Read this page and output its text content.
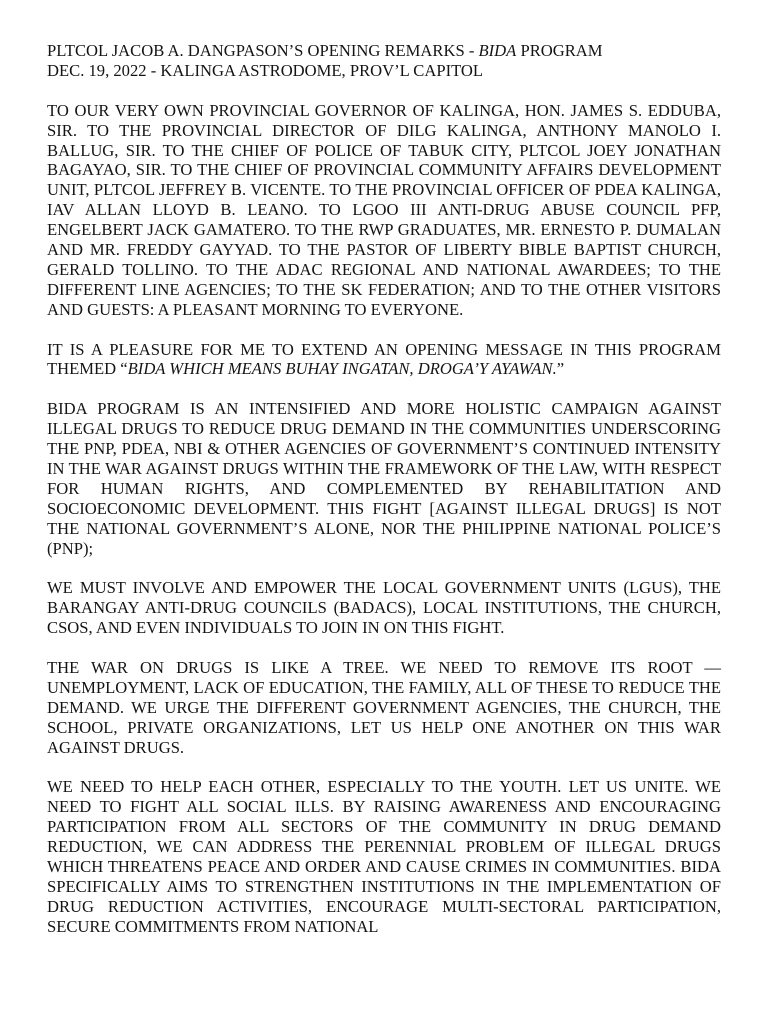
PLTCOL JACOB A. DANGPASON’S OPENING REMARKS - BIDA PROGRAM

DEC. 19, 2022 - KALINGA ASTRODOME, PROV’L CAPITOL

TO OUR VERY OWN PROVINCIAL GOVERNOR OF KALINGA, HON. JAMES S. EDDUBA, SIR. TO THE PROVINCIAL DIRECTOR OF DILG KALINGA, ANTHONY MANOLO I. BALLUG, SIR. TO THE CHIEF OF POLICE OF TABUK CITY, PLTCOL JOEY JONATHAN BAGAYAO, SIR. TO THE CHIEF OF PROVINCIAL COMMUNITY AFFAIRS DEVELOPMENT UNIT, PLTCOL JEFFREY B. VICENTE. TO THE PROVINCIAL OFFICER OF PDEA KALINGA, IAV ALLAN LLOYD B. LEANO. TO LGOO III ANTI-DRUG ABUSE COUNCIL PFP, ENGELBERT JACK GAMATERO. TO THE RWP GRADUATES, MR. ERNESTO P. DUMALAN AND MR. FREDDY GAYYAD. TO THE PASTOR OF LIBERTY BIBLE BAPTIST CHURCH, GERALD TOLLINO. TO THE ADAC REGIONAL AND NATIONAL AWARDEES; TO THE DIFFERENT LINE AGENCIES; TO THE SK FEDERATION; AND TO THE OTHER VISITORS AND GUESTS: A PLEASANT MORNING TO EVERYONE.

IT IS A PLEASURE FOR ME TO EXTEND AN OPENING MESSAGE IN THIS PROGRAM THEMED “BIDA WHICH MEANS BUHAY INGATAN, DROGA’Y AYAWAN.”

BIDA PROGRAM IS AN INTENSIFIED AND MORE HOLISTIC CAMPAIGN AGAINST ILLEGAL DRUGS TO REDUCE DRUG DEMAND IN THE COMMUNITIES UNDERSCORING THE PNP, PDEA, NBI & OTHER AGENCIES OF GOVERNMENT’S CONTINUED INTENSITY IN THE WAR AGAINST DRUGS WITHIN THE FRAMEWORK OF THE LAW, WITH RESPECT FOR HUMAN RIGHTS, AND COMPLEMENTED BY REHABILITATION AND SOCIOECONOMIC DEVELOPMENT. THIS FIGHT [AGAINST ILLEGAL DRUGS] IS NOT THE NATIONAL GOVERNMENT’S ALONE, NOR THE PHILIPPINE NATIONAL POLICE’S (PNP);

WE MUST INVOLVE AND EMPOWER THE LOCAL GOVERNMENT UNITS (LGUS), THE BARANGAY ANTI-DRUG COUNCILS (BADACS), LOCAL INSTITUTIONS, THE CHURCH, CSOS, AND EVEN INDIVIDUALS TO JOIN IN ON THIS FIGHT.

THE WAR ON DRUGS IS LIKE A TREE. WE NEED TO REMOVE ITS ROOT — UNEMPLOYMENT, LACK OF EDUCATION, THE FAMILY, ALL OF THESE TO REDUCE THE DEMAND. WE URGE THE DIFFERENT GOVERNMENT AGENCIES, THE CHURCH, THE SCHOOL, PRIVATE ORGANIZATIONS, LET US HELP ONE ANOTHER ON THIS WAR AGAINST DRUGS.

WE NEED TO HELP EACH OTHER, ESPECIALLY TO THE YOUTH. LET US UNITE. WE NEED TO FIGHT ALL SOCIAL ILLS. BY RAISING AWARENESS AND ENCOURAGING PARTICIPATION FROM ALL SECTORS OF THE COMMUNITY IN DRUG DEMAND REDUCTION, WE CAN ADDRESS THE PERENNIAL PROBLEM OF ILLEGAL DRUGS WHICH THREATENS PEACE AND ORDER AND CAUSE CRIMES IN COMMUNITIES. BIDA SPECIFICALLY AIMS TO STRENGTHEN INSTITUTIONS IN THE IMPLEMENTATION OF DRUG REDUCTION ACTIVITIES, ENCOURAGE MULTI-SECTORAL PARTICIPATION, SECURE COMMITMENTS FROM NATIONAL
